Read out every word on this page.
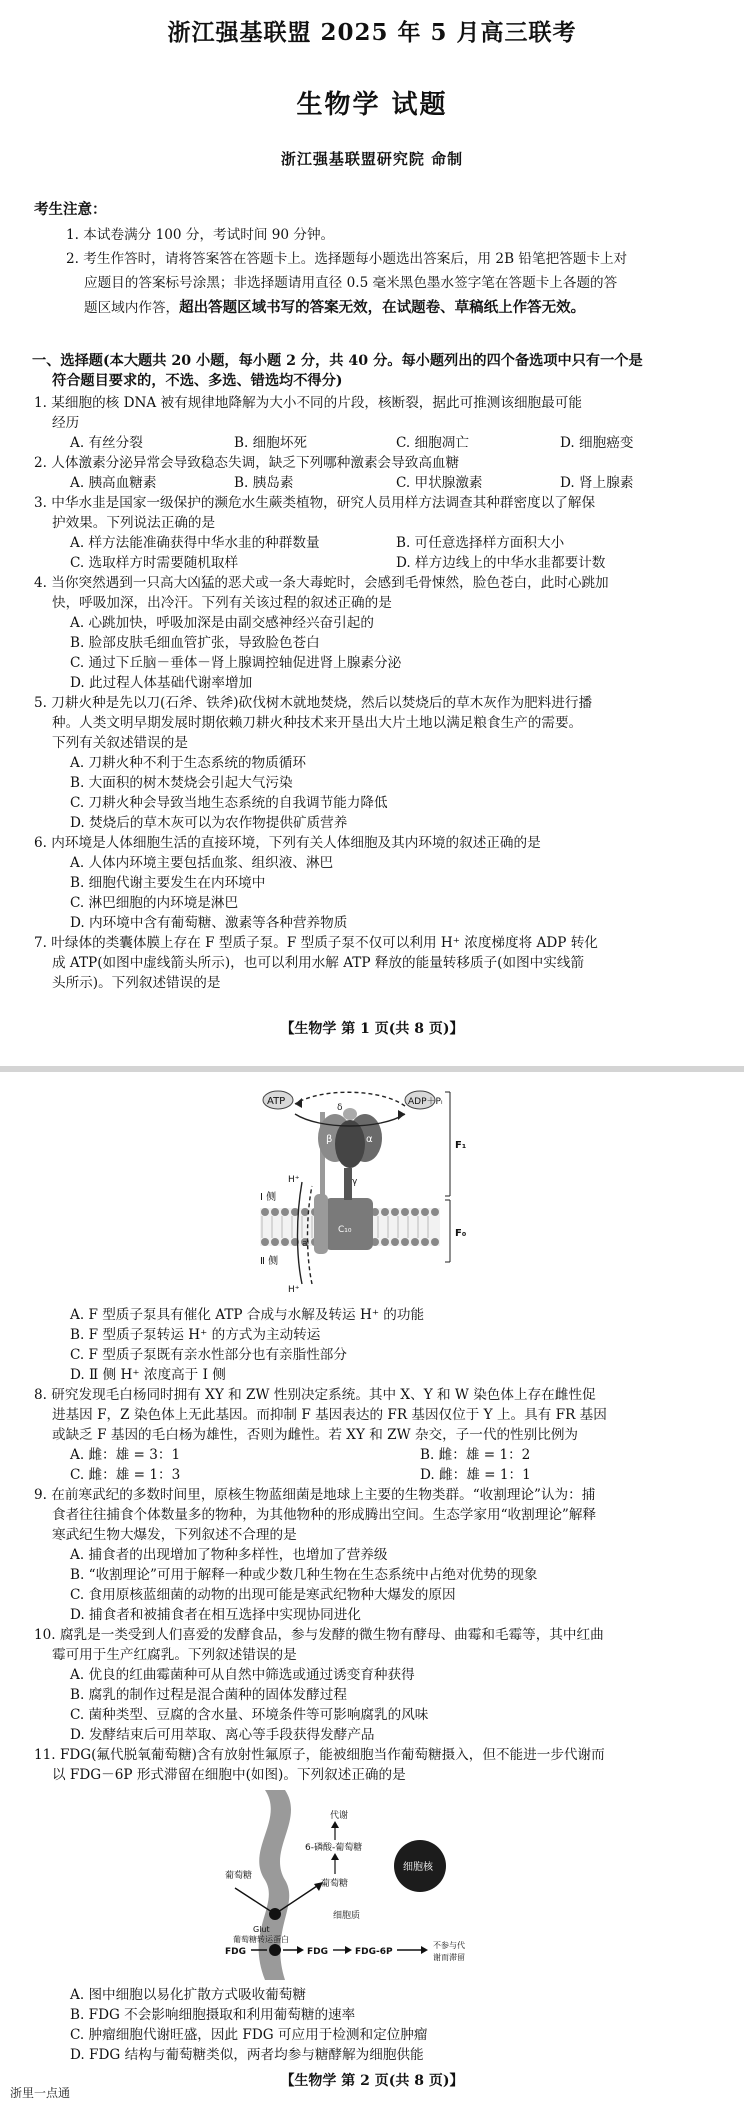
浙江强基联盟 2025 年 5 月高三联考
生物学 试题
浙江强基联盟研究院 命制
考生注意：
1. 本试卷满分 100 分，考试时间 90 分钟。
2. 考生作答时，请将答案答在答题卡上。选择题每小题选出答案后，用 2B 铅笔把答题卡上对
应题目的答案标号涂黑；非选择题请用直径 0.5 毫米黑色墨水签字笔在答题卡上各题的答
题区域内作答，超出答题区域书写的答案无效，在试题卷、草稿纸上作答无效。
一、选择题(本大题共 20 小题，每小题 2 分，共 40 分。每小题列出的四个备选项中只有一个是
符合题目要求的，不选、多选、错选均不得分)
1. 某细胞的核 DNA 被有规律地降解为大小不同的片段，核断裂，据此可推测该细胞最可能
经历
A. 有丝分裂	B. 细胞坏死	C. 细胞凋亡	D. 细胞癌变
2. 人体激素分泌异常会导致稳态失调，缺乏下列哪种激素会导致高血糖
A. 胰高血糖素	B. 胰岛素	C. 甲状腺激素	D. 肾上腺素
3. 中华水韭是国家一级保护的濒危水生蕨类植物，研究人员用样方法调查其种群密度以了解保
护效果。下列说法正确的是
A. 样方法能准确获得中华水韭的种群数量	B. 可任意选择样方面积大小
C. 选取样方时需要随机取样	D. 样方边线上的中华水韭都要计数
4. 当你突然遇到一只高大凶猛的恶犬或一条大毒蛇时，会感到毛骨悚然，脸色苍白，此时心跳加
快，呼吸加深，出冷汗。下列有关该过程的叙述正确的是
A. 心跳加快，呼吸加深是由副交感神经兴奋引起的
B. 脸部皮肤毛细血管扩张，导致脸色苍白
C. 通过下丘脑－垂体－肾上腺调控轴促进肾上腺素分泌
D. 此过程人体基础代谢率增加
5. 刀耕火种是先以刀(石斧、铁斧)砍伐树木就地焚烧，然后以焚烧后的草木灰作为肥料进行播
种。人类文明早期发展时期依赖刀耕火种技术来开垦出大片土地以满足粮食生产的需要。
下列有关叙述错误的是
A. 刀耕火种不利于生态系统的物质循环
B. 大面积的树木焚烧会引起大气污染
C. 刀耕火种会导致当地生态系统的自我调节能力降低
D. 焚烧后的草木灰可以为农作物提供矿质营养
6. 内环境是人体细胞生活的直接环境，下列有关人体细胞及其内环境的叙述正确的是
A. 人体内环境主要包括血浆、组织液、淋巴
B. 细胞代谢主要发生在内环境中
C. 淋巴细胞的内环境是淋巴
D. 内环境中含有葡萄糖、激素等各种营养物质
7. 叶绿体的类囊体膜上存在 F 型质子泵。F 型质子泵不仅可以利用 H⁺ 浓度梯度将 ADP 转化
成 ATP(如图中虚线箭头所示)，也可以利用水解 ATP 释放的能量转移质子(如图中实线箭
头所示)。下列叙述错误的是
【生物学 第 1 页(共 8 页)】
C₁₀
a
δ
β	α
γ
ATP	ADP＋Pᵢ
H⁺
H⁺
Ⅰ 侧
Ⅱ 侧
F₁
F₀
A. F 型质子泵具有催化 ATP 合成与水解及转运 H⁺ 的功能
B. F 型质子泵转运 H⁺ 的方式为主动转运
C. F 型质子泵既有亲水性部分也有亲脂性部分
D. Ⅱ 侧 H⁺ 浓度高于 Ⅰ 侧
8. 研究发现毛白杨同时拥有 XY 和 ZW 性别决定系统。其中 X、Y 和 W 染色体上存在雌性促
进基因 F，Z 染色体上无此基因。而抑制 F 基因表达的 FR 基因仅位于 Y 上。具有 FR 基因
或缺乏 F 基因的毛白杨为雄性，否则为雌性。若 XY 和 ZW 杂交，子一代的性别比例为
A. 雌：雄 = 3：1	B. 雌：雄 = 1：2
C. 雌：雄 = 1：3	D. 雌：雄 = 1：1
9. 在前寒武纪的多数时间里，原核生物蓝细菌是地球上主要的生物类群。“收割理论”认为：捕
食者往往捕食个体数量多的物种，为其他物种的形成腾出空间。生态学家用“收割理论”解释
寒武纪生物大爆发，下列叙述不合理的是
A. 捕食者的出现增加了物种多样性，也增加了营养级
B. “收割理论”可用于解释一种或少数几种生物在生态系统中占绝对优势的现象
C. 食用原核蓝细菌的动物的出现可能是寒武纪物种大爆发的原因
D. 捕食者和被捕食者在相互选择中实现协同进化
10. 腐乳是一类受到人们喜爱的发酵食品，参与发酵的微生物有酵母、曲霉和毛霉等，其中红曲
霉可用于生产红腐乳。下列叙述错误的是
A. 优良的红曲霉菌种可从自然中筛选或通过诱变育种获得
B. 腐乳的制作过程是混合菌种的固体发酵过程
C. 菌种类型、豆腐的含水量、环境条件等可影响腐乳的风味
D. 发酵结束后可用萃取、离心等手段获得发酵产品
11. FDG(氟代脱氧葡萄糖)含有放射性氟原子，能被细胞当作葡萄糖摄入，但不能进一步代谢而
以 FDG－6P 形式滞留在细胞中(如图)。下列叙述正确的是
细胞核
代谢
6-磷酸-葡萄糖
葡萄糖
葡萄糖
Glut
葡萄糖转运蛋白
细胞质
FDG	FDG	FDG-6P
不参与代
谢而滞留
A. 图中细胞以易化扩散方式吸收葡萄糖
B. FDG 不会影响细胞摄取和利用葡萄糖的速率
C. 肿瘤细胞代谢旺盛，因此 FDG 可应用于检测和定位肿瘤
D. FDG 结构与葡萄糖类似，两者均参与糖酵解为细胞供能
【生物学 第 2 页(共 8 页)】
浙里一点通
